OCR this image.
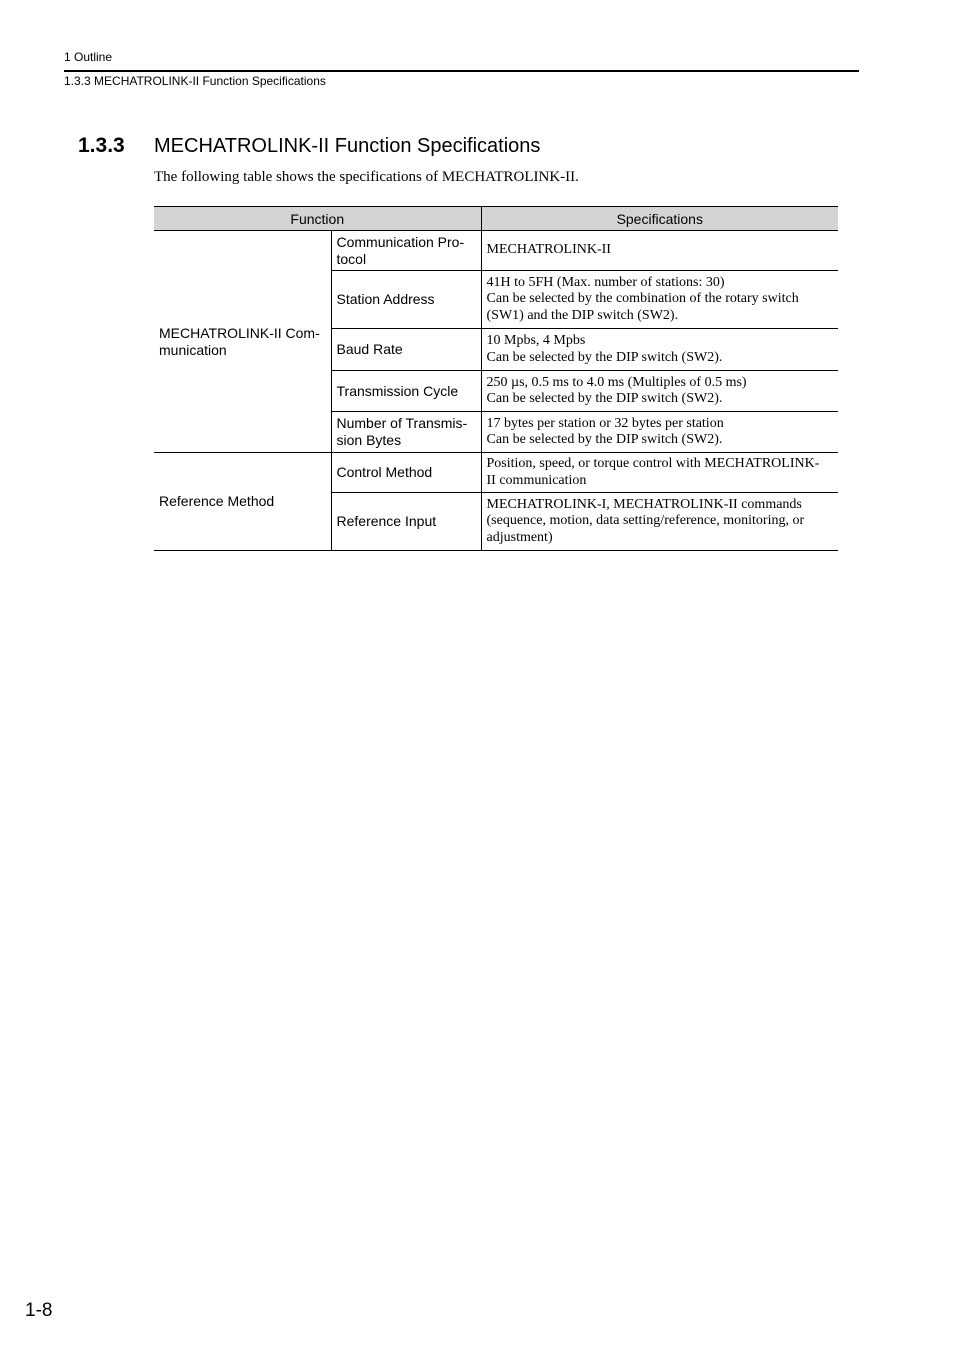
1 Outline
1.3.3 MECHATROLINK-II Function Specifications
1.3.3	MECHATROLINK-II Function Specifications
The following table shows the specifications of MECHATROLINK-II.
Function		Specifications
MECHATROLINK-II Com-
munication	Communication Pro-
tocol	MECHATROLINK-II

	Station Address	41H to 5FH (Max. number of stations: 30)
Can be selected by the combination of the rotary switch
(SW1) and the DIP switch (SW2).

	Baud Rate	10 Mpbs, 4 Mpbs
Can be selected by the DIP switch (SW2).

	Transmission Cycle	250 µs, 0.5 ms to 4.0 ms (Multiples of 0.5 ms)
Can be selected by the DIP switch (SW2).

	Number of Transmis-
sion Bytes	17 bytes per station or 32 bytes per station
Can be selected by the DIP switch (SW2).

Reference Method	Control Method	Position, speed, or torque control with MECHATROLINK-
II communication

	Reference Input	MECHATROLINK-I, MECHATROLINK-II commands
(sequence, motion, data setting/reference, monitoring, or
adjustment)
1-8
